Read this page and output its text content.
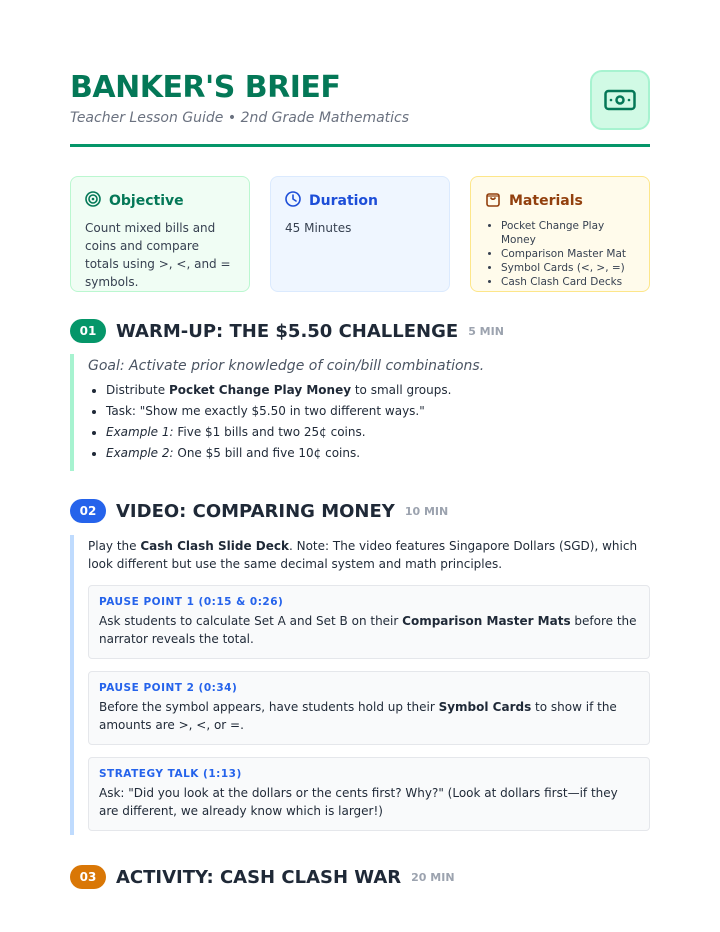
BANKER'S BRIEF
Teacher Lesson Guide • 2nd Grade Mathematics
Objective
Count mixed bills and coins and compare totals using >, <, and = symbols.
Duration
45 Minutes
Materials
• Pocket Change Play Money
• Comparison Master Mat
• Symbol Cards (<, >, =)
• Cash Clash Card Decks
01	WARM-UP: THE $5.50 CHALLENGE 5 MIN
Goal: Activate prior knowledge of coin/bill combinations.
• Distribute Pocket Change Play Money to small groups.
• Task: "Show me exactly $5.50 in two different ways."
• Example 1: Five $1 bills and two 25¢ coins.
• Example 2: One $5 bill and five 10¢ coins.
02	VIDEO: COMPARING MONEY 10 MIN
Play the Cash Clash Slide Deck. Note: The video features Singapore Dollars (SGD), which look different but use the same decimal system and math principles.
PAUSE POINT 1 (0:15 & 0:26)
Ask students to calculate Set A and Set B on their Comparison Master Mats before the narrator reveals the total.
PAUSE POINT 2 (0:34)
Before the symbol appears, have students hold up their Symbol Cards to show if the amounts are >, <, or =.
STRATEGY TALK (1:13)
Ask: "Did you look at the dollars or the cents first? Why?" (Look at dollars first—if they are different, we already know which is larger!)
03	ACTIVITY: CASH CLASH WAR 20 MIN
